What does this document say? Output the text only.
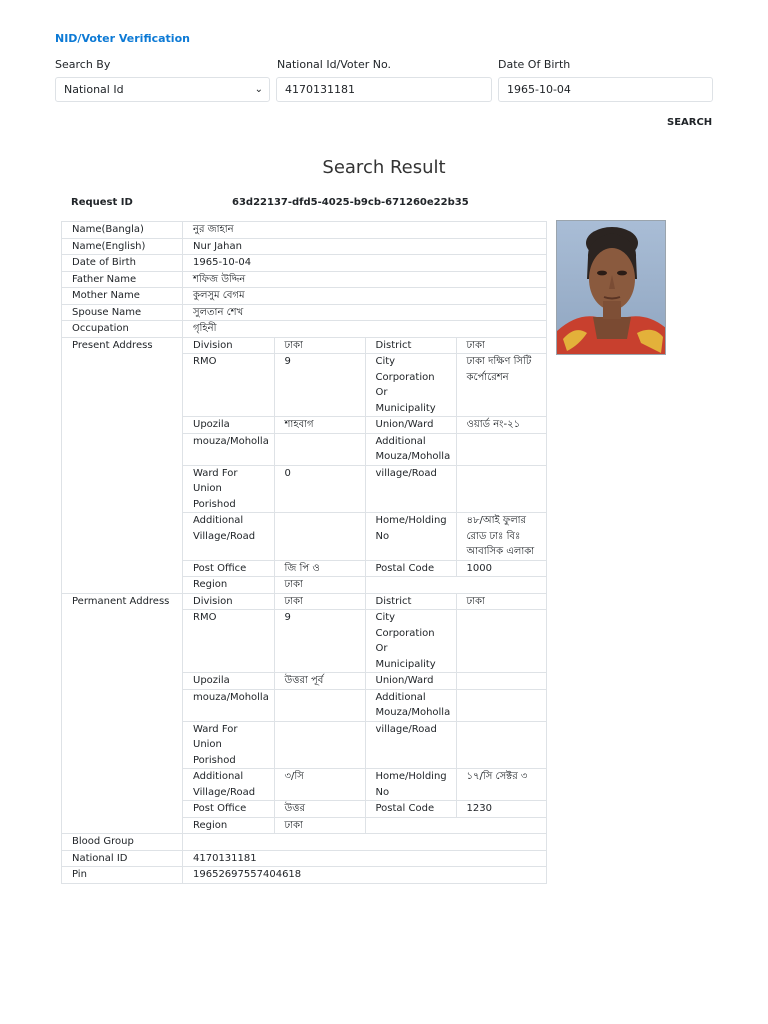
NID/Voter Verification
Search By
National Id	⌄
National Id/Voter No.
4170131181
Date Of Birth
1965-10-04
SEARCH
Search Result
Request ID	63d22137-dfd5-4025-b9cb-671260e22b35
Name(Bangla)	নুর জাহান
Name(English)	Nur Jahan
Date of Birth	1965-10-04
Father Name	শফিজ উদ্দিন
Mother Name	কুলসুম বেগম
Spouse Name	সুলতান শেখ
Occupation	গৃহিনী
Present Address		Division	ঢাকা	District	ঢাকা
RMO	9	City Corporation Or Municipality	ঢাকা দক্ষিণ সিটি কর্পোরেশন
Upozila	শাহবাগ	Union/Ward	ওয়ার্ড নং-২১
mouza/Moholla		Additional Mouza/Moholla	
Ward For Union Porishod	0	village/Road	
Additional Village/Road		Home/Holding No	৪৮/আই ফুলার রোড ঢাঃ বিঃ আবাসিক এলাকা
Post Office	জি পি ও	Postal Code	1000
Region	ঢাকা	

Permanent Address	Division	ঢাকা	District	ঢাকা
RMO	9	City Corporation Or Municipality	
Upozila	উত্তরা পূর্ব	Union/Ward	
mouza/Moholla		Additional Mouza/Moholla	
Ward For Union Porishod		village/Road	
Additional Village/Road	৩/সি	Home/Holding No	১৭/সি সেক্টর ৩
Post Office	উত্তর	Postal Code	1230
Region	ঢাকা	

Blood Group	
National ID	4170131181
Pin	19652697557404618
